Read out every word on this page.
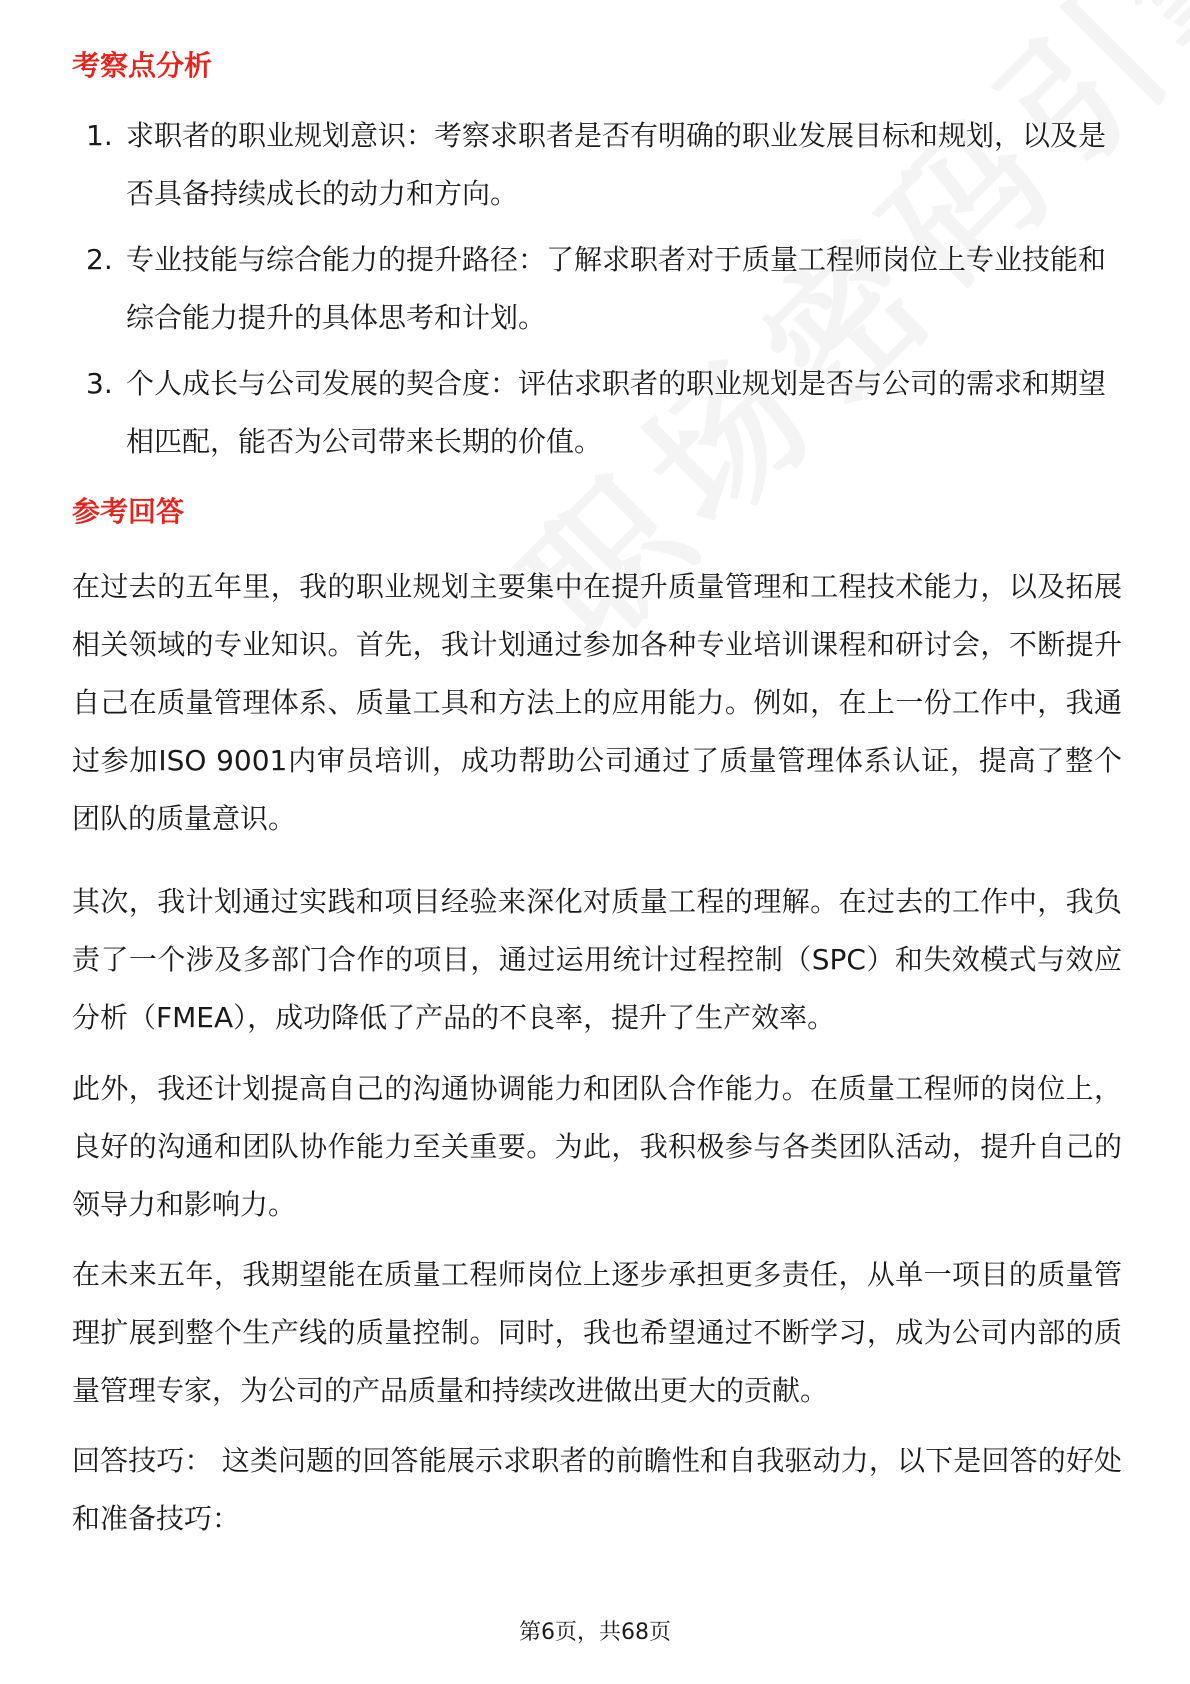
考察点分析
1. 求职者的职业规划意识：考察求职者是否有明确的职业发展目标和规划，以及是否具备持续成长的动力和方向。
2. 专业技能与综合能力的提升路径：了解求职者对于质量工程师岗位上专业技能和综合能力提升的具体思考和计划。
3. 个人成长与公司发展的契合度：评估求职者的职业规划是否与公司的需求和期望相匹配，能否为公司带来长期的价值。
参考回答

在过去的五年里，我的职业规划主要集中在提升质量管理和工程技术能力，以及拓展相关领域的专业知识。首先，我计划通过参加各种专业培训课程和研讨会，不断提升自己在质量管理体系、质量工具和方法上的应用能力。例如，在上一份工作中，我通过参加ISO 9001内审员培训，成功帮助公司通过了质量管理体系认证，提高了整个团队的质量意识。

其次，我计划通过实践和项目经验来深化对质量工程的理解。在过去的工作中，我负责了一个涉及多部门合作的项目，通过运用统计过程控制（SPC）和失效模式与效应分析（FMEA），成功降低了产品的不良率，提升了生产效率。

此外，我还计划提高自己的沟通协调能力和团队合作能力。在质量工程师的岗位上，良好的沟通和团队协作能力至关重要。为此，我积极参与各类团队活动，提升自己的领导力和影响力。

在未来五年，我期望能在质量工程师岗位上逐步承担更多责任，从单一项目的质量管理扩展到整个生产线的质量控制。同时，我也希望通过不断学习，成为公司内部的质量管理专家，为公司的产品质量和持续改进做出更大的贡献。

回答技巧： 这类问题的回答能展示求职者的前瞻性和自我驱动力，以下是回答的好处和准备技巧：

第6页，共68页
